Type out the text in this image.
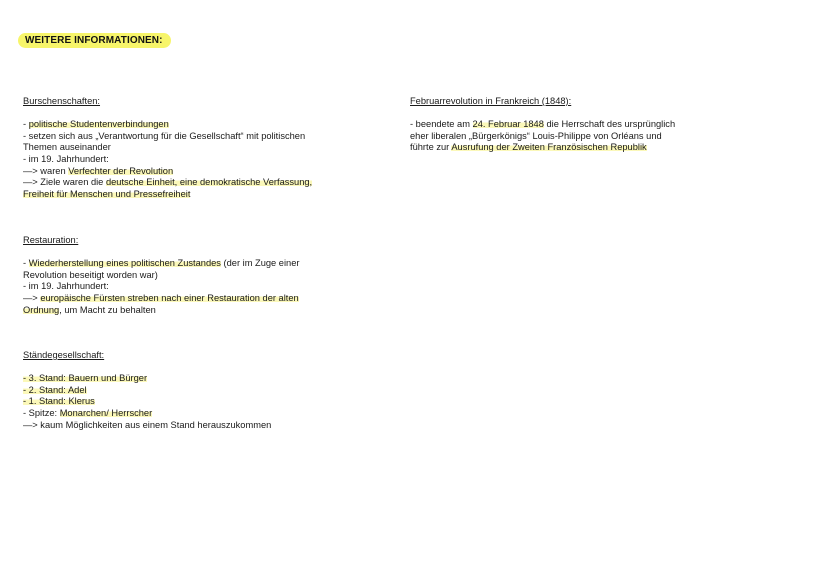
WEITERE INFORMATIONEN:
Burschenschaften:
- politische Studentenverbindungen
- setzen sich aus „Verantwortung für die Gesellschaft“ mit politischen
Themen auseinander
- im 19. Jahrhundert:
—> waren Verfechter der Revolution
—> Ziele waren die deutsche Einheit, eine demokratische Verfassung,
Freiheit für Menschen und Pressefreiheit
Restauration:
- Wiederherstellung eines politischen Zustandes (der im Zuge einer
Revolution beseitigt worden war)
- im 19. Jahrhundert:
—> europäische Fürsten streben nach einer Restauration der alten
Ordnung, um Macht zu behalten
Ständegesellschaft:
- 3. Stand: Bauern und Bürger
- 2. Stand: Adel
- 1. Stand: Klerus
- Spitze: Monarchen/ Herrscher
—> kaum Möglichkeiten aus einem Stand herauszukommen
Februarrevolution in Frankreich (1848):
- beendete am 24. Februar 1848 die Herrschaft des ursprünglich
eher liberalen „Bürgerkönigs“ Louis-Philippe von Orléans und
führte zur Ausrufung der Zweiten Französischen Republik
